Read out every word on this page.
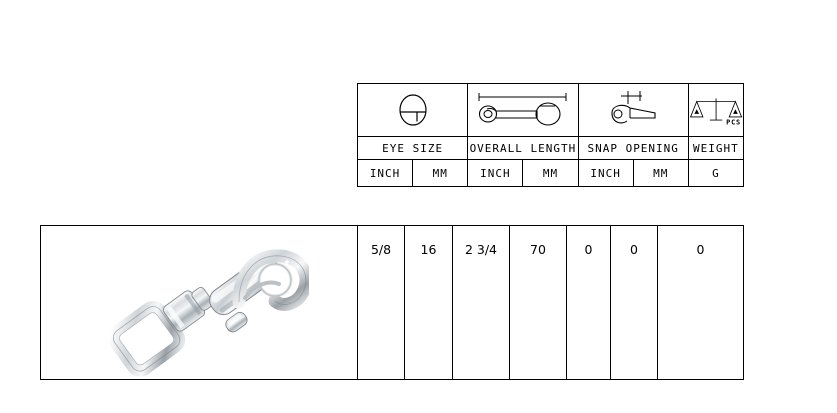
PCS

EYE SIZE		OVERALL LENGTH		SNAP OPENING		WEIGHT
INCH	MM	INCH	MM	INCH	MM	G
	5/8	16	2 3/4	70	0	0	0
